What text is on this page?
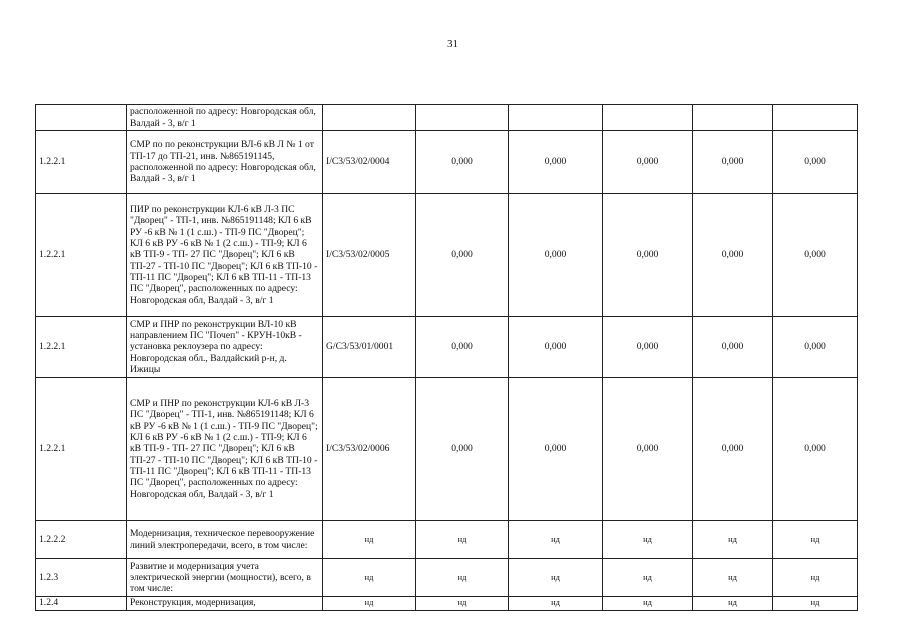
31
	расположенной по адресу: Новгородская обл, Валдай - 3, в/г 1						
1.2.2.1	СМР по по реконструкции ВЛ-6 кВ Л № 1 от ТП-17 до ТП-21, инв. №865191145, расположенной по адресу: Новгородская обл, Валдай - 3, в/г 1	I/C3/53/02/0004	0,000	0,000	0,000	0,000	0,000
1.2.2.1	ПИР по реконструкции КЛ-6 кВ Л-3 ПС "Дворец" - ТП-1, инв. №865191148; КЛ 6 кВ РУ -6 кВ № 1 (1 с.ш.) - ТП-9 ПС "Дворец"; КЛ 6 кВ РУ -6 кВ № 1 (2 с.ш.) - ТП-9; КЛ 6 кВ ТП-9 - ТП- 27 ПС "Дворец"; КЛ 6 кВ ТП-27 - ТП-10 ПС "Дворец"; КЛ 6 кВ ТП-10 - ТП-11 ПС "Дворец"; КЛ 6 кВ ТП-11 - ТП-13 ПС "Дворец", расположенных по адресу: Новгородская обл, Валдай - 3, в/г 1	I/C3/53/02/0005	0,000	0,000	0,000	0,000	0,000
1.2.2.1	СМР и ПНР по реконструкции ВЛ-10 кВ направлением ПС "Почеп" - КРУН-10кВ - установка реклоузера по адресу: Новгородская обл., Валдайский р-н, д. Ижицы	G/C3/53/01/0001	0,000	0,000	0,000	0,000	0,000
1.2.2.1	СМР и ПНР по реконструкции КЛ-6 кВ Л-3 ПС "Дворец" - ТП-1, инв. №865191148; КЛ 6 кВ РУ -6 кВ № 1 (1 с.ш.) - ТП-9 ПС "Дворец"; КЛ 6 кВ РУ -6 кВ № 1 (2 с.ш.) - ТП-9; КЛ 6 кВ ТП-9 - ТП- 27 ПС "Дворец"; КЛ 6 кВ ТП-27 - ТП-10 ПС "Дворец"; КЛ 6 кВ ТП-10 - ТП-11 ПС "Дворец"; КЛ 6 кВ ТП-11 - ТП-13 ПС "Дворец", расположенных по адресу: Новгородская обл, Валдай - 3, в/г 1	I/C3/53/02/0006	0,000	0,000	0,000	0,000	0,000
1.2.2.2	Модернизация, техническое перевооружение линий электропередачи, всего, в том числе:	нд	нд	нд	нд	нд	нд
1.2.3	Развитие и модернизация учета электрической энергии (мощности), всего, в том числе:	нд	нд	нд	нд	нд	нд
1.2.4	Реконструкция, модернизация,	нд	нд	нд	нд	нд	нд
